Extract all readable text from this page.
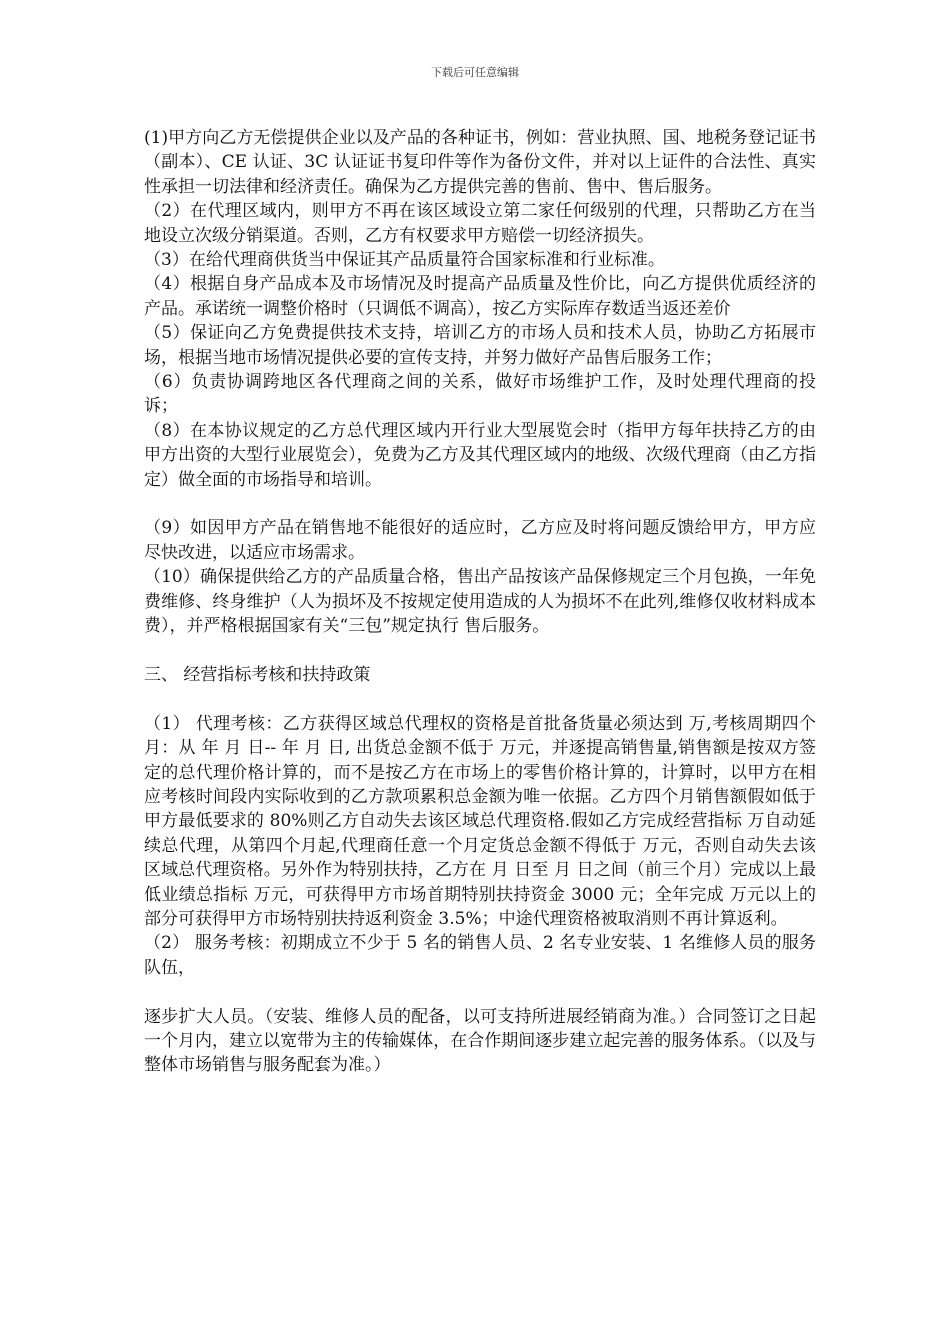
下载后可任意编辑

(1)甲方向乙方无偿提供企业以及产品的各种证书，例如：营业执照、国、地税务登记证书（副本）、CE 认证、3C 认证证书复印件等作为备份文件，并对以上证件的合法性、真实性承担一切法律和经济责任。确保为乙方提供完善的售前、售中、售后服务。

（2）在代理区域内，则甲方不再在该区域设立第二家任何级别的代理，只帮助乙方在当地设立次级分销渠道。否则，乙方有权要求甲方赔偿一切经济损失。

（3）在给代理商供货当中保证其产品质量符合国家标准和行业标准。

（4）根据自身产品成本及市场情况及时提高产品质量及性价比，向乙方提供优质经济的产品。承诺统一调整价格时（只调低不调高），按乙方实际库存数适当返还差价

（5）保证向乙方免费提供技术支持，培训乙方的市场人员和技术人员，协助乙方拓展市场，根据当地市场情况提供必要的宣传支持，并努力做好产品售后服务工作；

（6）负责协调跨地区各代理商之间的关系，做好市场维护工作，及时处理代理商的投诉；

（8）在本协议规定的乙方总代理区域内开行业大型展览会时（指甲方每年扶持乙方的由甲方出资的大型行业展览会），免费为乙方及其代理区域内的地级、次级代理商（由乙方指定）做全面的市场指导和培训。

（9）如因甲方产品在销售地不能很好的适应时，乙方应及时将问题反馈给甲方，甲方应尽快改进，以适应市场需求。

（10）确保提供给乙方的产品质量合格，售出产品按该产品保修规定三个月包换，一年免费维修、终身维护（人为损坏及不按规定使用造成的人为损坏不在此列,维修仅收材料成本费），并严格根据国家有关“三包”规定执行 售后服务。

三、 经营指标考核和扶持政策

（1） 代理考核：乙方获得区域总代理权的资格是首批备货量必须达到 万,考核周期四个月：从 年 月 日-- 年 月 日, 出货总金额不低于 万元，并逐提高销售量,销售额是按双方签定的总代理价格计算的，而不是按乙方在市场上的零售价格计算的，计算时，以甲方在相应考核时间段内实际收到的乙方款项累积总金额为唯一依据。乙方四个月销售额假如低于甲方最低要求的 80%则乙方自动失去该区域总代理资格.假如乙方完成经营指标 万自动延续总代理，从第四个月起,代理商任意一个月定货总金额不得低于 万元，否则自动失去该区域总代理资格。另外作为特别扶持，乙方在 月 日至 月 日之间（前三个月）完成以上最低业绩总指标 万元，可获得甲方市场首期特别扶持资金 3000 元；全年完成 万元以上的部分可获得甲方市场特别扶持返利资金 3.5%；中途代理资格被取消则不再计算返利。

（2） 服务考核：初期成立不少于 5 名的销售人员、2 名专业安装、1 名维修人员的服务队伍，

逐步扩大人员。（安装、维修人员的配备，以可支持所进展经销商为准。）合同签订之日起一个月内，建立以宽带为主的传输媒体，在合作期间逐步建立起完善的服务体系。（以及与整体市场销售与服务配套为准。）
